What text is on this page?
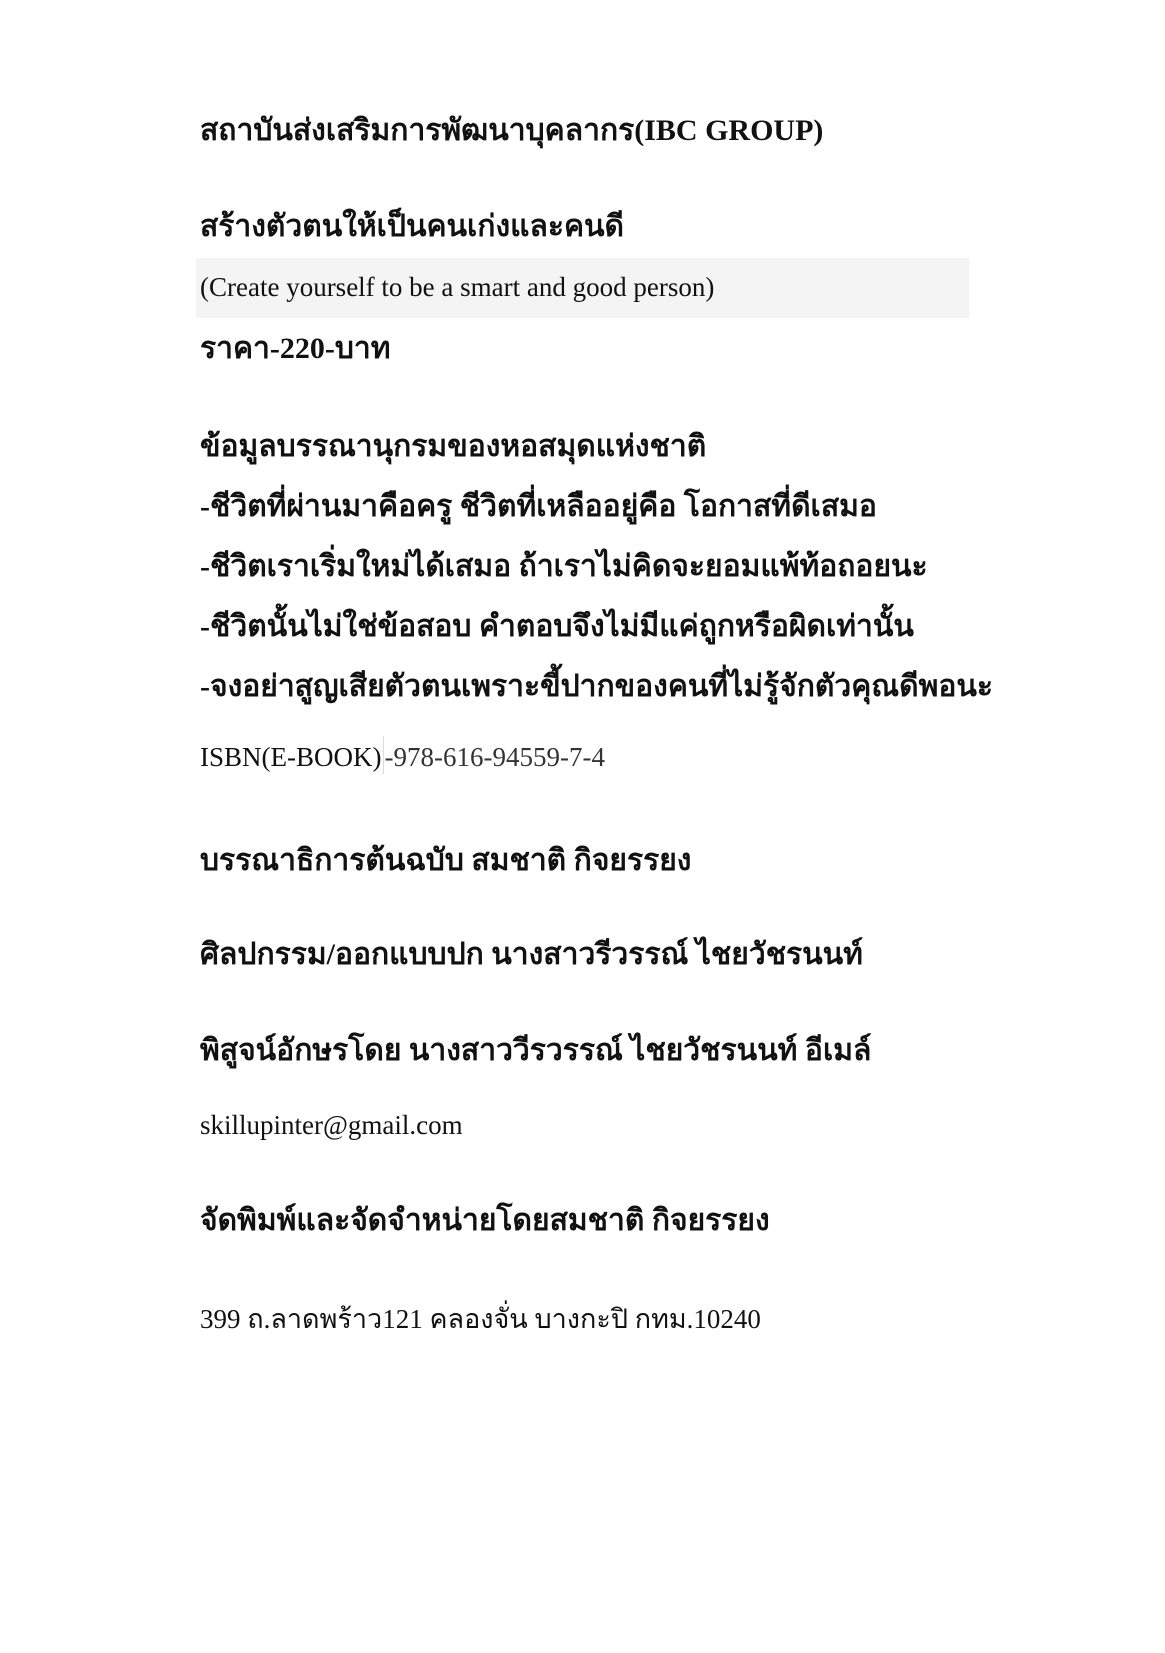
สถาบันส่งเสริมการพัฒนาบุคลากร(IBC GROUP)
สร้างตัวตนให้เป็นคนเก่งและคนดี
(Create yourself to be a smart and good person)
ราคา-220-บาท
ข้อมูลบรรณานุกรมของหอสมุดแห่งชาติ
-ชีวิตที่ผ่านมาคือครู ชีวิตที่เหลืออยู่คือ โอกาสที่ดีเสมอ
-ชีวิตเราเริ่มใหม่ได้เสมอ ถ้าเราไม่คิดจะยอมแพ้ท้อถอยนะ
-ชีวิตนั้นไม่ใช่ข้อสอบ คำตอบจึงไม่มีแค่ถูกหรือผิดเท่านั้น
-จงอย่าสูญเสียตัวตนเพราะขี้ปากของคนที่ไม่รู้จักตัวคุณดีพอนะ
ISBN(E-BOOK) -978-616-94559-7-4
บรรณาธิการต้นฉบับ สมชาติ กิจยรรยง
ศิลปกรรม/ออกแบบปก นางสาวรีวรรณ์ ไชยวัชรนนท์
พิสูจน์อักษรโดย นางสาววีรวรรณ์ ไชยวัชรนนท์ อีเมล์
skillupinter@gmail.com
จัดพิมพ์และจัดจำหน่ายโดยสมชาติ กิจยรรยง
399 ถ.ลาดพร้าว121 คลองจั่น บางกะปิ กทม.10240
